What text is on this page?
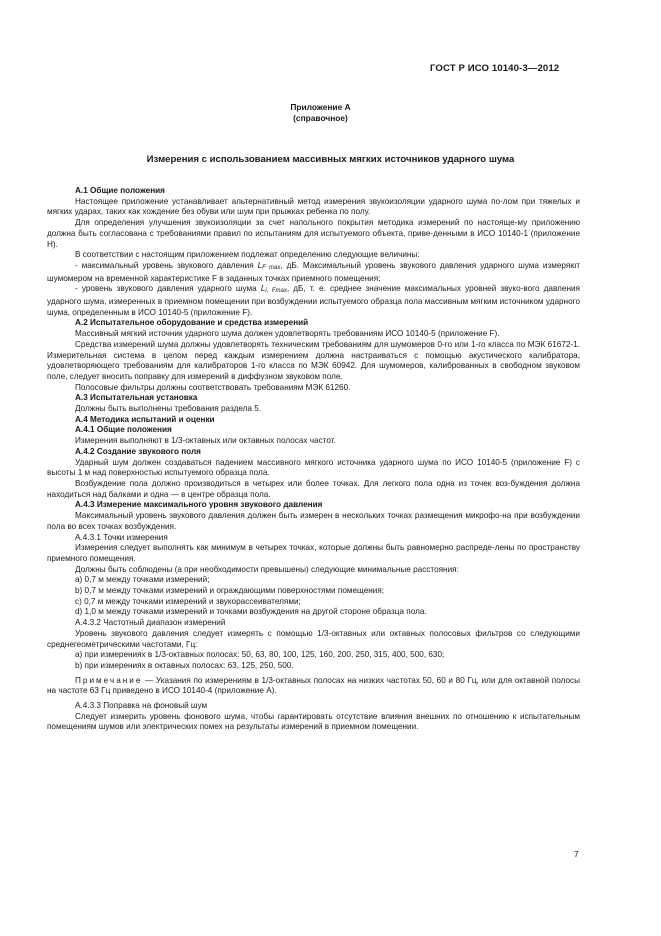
ГОСТ Р ИСО 10140-3—2012
Приложение А
(справочное)
Измерения с использованием массивных мягких источников ударного шума

А.1 Общие положения

Настоящее приложение устанавливает альтернативный метод измерения звукоизоляции ударного шума по-лом при тяжелых и мягких ударах, таких как хождение без обуви или шум при прыжках ребенка по полу.

Для определения улучшения звукоизоляции за счет напольного покрытия методика измерений по настояще-му приложению должна быть согласована с требованиями правил по испытаниям для испытуемого объекта, приве-денными в ИСО 10140-1 (приложение H).

В соответствии с настоящим приложением подлежат определению следующие величины:

- максимальный уровень звукового давления LF max, дБ. Максимальный уровень звукового давления ударного шума измеряют шумомером на временной характеристике F в заданных точках приемного помещения;

- уровень звукового давления ударного шума Li, Fmax, дБ, т. е. среднее значение максимальных уровней звуко-вого давления ударного шума, измеренных в приемном помещении при возбуждении испытуемого образца пола массивным мягким источником ударного шума, определенным в ИСО 10140-5 (приложение F).

А.2 Испытательное оборудование и средства измерений

Массивный мягкий источник ударного шума должен удовлетворять требованиям ИСО 10140-5 (приложение F).

Средства измерений шума должны удовлетворять техническим требованиям для шумомеров 0-го или 1-го класса по МЭК 61672-1. Измерительная система в целом перед каждым измерением должна настраиваться с помощью акустического калибратора, удовлетворяющего требованиям для калибраторов 1-го класса по МЭК 60942. Для шумомеров, калиброванных в свободном звуковом поле, следует вносить поправку для измерений в диффузном звуковом поле.

Полосовые фильтры должны соответствовать требованиям МЭК 61260.

А.3 Испытательная установка

Должны быть выполнены требования раздела 5.

А.4 Методика испытаний и оценки

А.4.1 Общие положения

Измерения выполняют в 1/3-октавных или октавных полосах частот.

А.4.2 Создание звукового поля

Ударный шум должен создаваться падением массивного мягкого источника ударного шума по ИСО 10140-5 (приложение F) с высоты 1 м над поверхностью испытуемого образца пола.

Возбуждение пола должно производиться в четырех или более точках. Для легкого пола одна из точек воз-буждения должна находиться над балками и одна — в центре образца пола.

А.4.3 Измерение максимального уровня звукового давления

Максимальный уровень звукового давления должен быть измерен в нескольких точках размещения микрофо-на при возбуждении пола во всех точках возбуждения.

А.4.3.1 Точки измерения

Измерения следует выполнять как минимум в четырех точках, которые должны быть равномерно распреде-лены по пространству приемного помещения.

Должны быть соблюдены (а при необходимости превышены) следующие минимальные расстояния:

a) 0,7 м между точками измерений;

b) 0,7 м между точками измерений и ограждающими поверхностями помещения;

c) 0,7 м между точками измерений и звукорассеивателями;

d) 1,0 м между точками измерений и точками возбуждения на другой стороне образца пола.

А.4.3.2 Частотный диапазон измерений

Уровень звукового давления следует измерять с помощью 1/3-октавных или октавных полосовых фильтров со следующими среднегеометрическими частотами, Гц:

a) при измерениях в 1/3-октавных полосах: 50, 63, 80, 100, 125, 160, 200, 250, 315, 400, 500, 630;

b) при измерениях в октавных полосах: 63, 125, 250, 500.

Примечание — Указания по измерениям в 1/3-октавных полосах на низких частотах 50, 60 и 80 Гц, или для октавной полосы на частоте 63 Гц приведено в ИСО 10140-4 (приложение А).

А.4.3.3 Поправка на фоновый шум

Следует измерить уровень фонового шума, чтобы гарантировать отсутствие влияния внешних по отношению к испытательным помещениям шумов или электрических помех на результаты измерений в приемном помещении.

7
